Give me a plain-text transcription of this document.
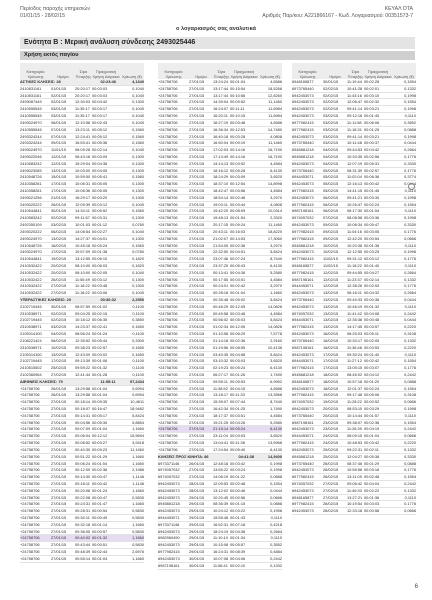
Περίοδος παροχής υπηρεσιών
01/01/15 - 28/02/15
ΚΕΥΑΛ ΟΤΑ
Αριθμός Παρ/κου: Α221866167 - Κωδ. Λογαριασμού: 00351573-7
ο λογαριασμός σας αναλυτικά
Ενότητα Β : Μερική ανάλυση σύνδεσης 2493025446
Χρήση εκτός παγίου
Κατηγορία Χρέωσης	Ημέρα
Ώρα Έναρξης
Πραγματική Χρήση Διάρκεια Χρέωση (€)
ΑΣΤΙΚΕΣ ΚΛΗΣΕΙΣ: 28	02:23:46	4,1340
2410831161	01/01/15	20:20:17 00:03:03	0,1040
2410831161	02/01/15	20:20:17 00:03:03	0,1040
2493087449	02/01/15	12:30:03 00:04:42	0,1300
2410555545	03/01/15	11:35:17 00:03:17	0,1040
2410555545	03/01/15	11:35:17 00:03:17	0,1040
2493024970	06/01/15	12:10:56 00:02:43	0,1040
2410555545	07/01/15	13:23:11 00:05:12	0,1560
2493324244	07/01/15	12:24:41 00:05:12	0,1560
2493324244	09/01/15	16:53:41 00:05:36	0,1560
2493024970	11/01/15	08:09:28 00:02:14	0,1040
2493022046	12/01/15	08:43:16 00:03:09	0,1300
2410583242	12/01/15	19:29:04 00:04:36	0,1300
2493023085	13/01/15	10:03:00 00:04:05	0,1300
2410548726	15/01/15	10:59:50 00:05:41	0,1560
2410358261	17/01/15	10:06:31 00:05:05	0,1300
2410358261	17/01/15	10:06:36 00:05:05	0,1300
2493021256	21/01/15	16:29:17 00:03:20	0,1300
2493020222	26/01/15	12:09:39 00:03:12	0,1040
2410544841	30/01/15	14:34:11 00:05:52	0,1560
2410583242	02/02/15	09:11:57 00:03:31	0,1300
2492350109	03/02/15	10:01:03 00:01:12	0,0780
2493020222	06/02/15	14:08:54 00:02:27	0,1040
2493024970	13/02/15	14:27:37 00:04:01	0,1300
2410548726	16/02/15	10:45:18 00:05:24	0,1560
2493024970	17/02/15	10:57:09 00:01:38	0,0780
2410544841	19/02/15	13:12:55 00:06:10	0,1820
2410532422	20/02/15	08:10:00 00:06:03	0,1820
2410532422	20/02/15	08:10:00 00:02:05	0,1040
2410532422	26/02/15	11:55:49 00:03:12	0,1300
2410532422	27/02/15	11:18:22 00:03:48	0,1300
2410532422	27/02/15	11:18:22 00:03:06	0,1040
ΥΠΕΡΑΣΤΙΚΕΣ ΚΛΗΣΕΙΣ: 20	00:36:32	2,2550
2102719445	30/01/15	08:57:59 00:01:02	0,1100
2310538971	02/02/15	09:04:25 00:02:15	0,1100
2102719445	02/02/15	10:18:12 00:06:35	0,3850
2310538971	03/02/15	14:23:37 00:02:41	0,1650
2105314100	04/02/15	08:56:24 00:01:24	0,1100
2108221424	06/02/15	12:35:52 00:05:44	0,3300
2310538971	10/02/15	09:38:23 00:02:57	0,1650
2105314100	13/02/15	12:43:09 00:03:02	0,1650
2102719445	17/02/15	09:13:39 00:01:06	0,1100
2410515502	25/02/15	09:59:22 00:01:32	0,1100
2102360964	27/02/15	12:41:44 00:01:28	0,1100
ΔΙΕΘΝΕΙΣ ΚΛΗΣΕΙΣ: 79	11:55:11	97,2434
+24758706	26/01/15	13:29:58 00:01:04	0,6994
+24758706	26/01/15	13:29:58 00:01:04	0,6994
+24758706	27/01/15	00:18:14 00:09:35	10,4811
+24758706	27/01/15	00:18:07 00:16:47	18,9482
+24758706	27/01/15	00:14:31 00:05:17	5,8424
+24758706	27/01/15	00:04:56 00:05:30	5,8854
+24758706	27/01/15	00:07:09 00:01:04	1,1660
+24758706	27/01/15	00:06:04 00:12:12	15,5694
+24758706	27/01/15	00:08:52 00:03:27	3,9418
+24758706	27/01/15	00:40:30 00:09:23	11,1460
+24758706	27/01/15	00:51:22 00:01:29	1,1660
+24758706	27/01/15	00:06:24 00:01:04	1,1660
+24758706	27/01/15	00:12:09 00:02:36	2,1986
+24758706	27/01/15	00:14:30 00:00:47	1,1146
+24758706	27/01/15	00:18:11 00:00:42	1,1146
+24758706	27/01/15	00:20:06 00:01:24	1,1660
+24758706	27/01/15	00:22:08 00:00:47	0,5830
+24758706	27/01/15	00:24:31 00:01:47	1,1660
+24758706	27/01/15	00:28:31 00:00:54	0,5830
+24758706	27/01/15	00:30:11 00:00:49	0,5830
+24758706	27/01/15	00:32:18 00:01:14	1,1660
+24758706	27/01/15	00:36:05 00:00:57	0,5830
+24758706	27/01/15	00:40:02 00:01:32	1,1660
+24758706	27/01/15	00:43:44 00:00:51	0,5830
+24758706	27/01/15	00:48:39 00:02:44	2,6976
+24758706	27/01/15	00:55:14 00:01:04	1,1660
Κατηγορία Χρέωσης	Ημέρα
Ώρα Έναρξης
Πραγματική Χρήση Διάρκεια Χρέωση (€)
+24758706	27/01/15	13:24:24 00:01:04	4,6586
+24758706	27/01/15	13:17:44 00:15:54	18,5266
+24758706	27/01/15	13:17:44 00:10:56	12,8260
+24758706	27/01/15	14:39:04 00:09:52	11,1460
+24758706	27/01/15	16:24:07 00:11:11	11,6984
+24758706	27/01/15	16:20:11 00:10:15	11,6984
+24758706	27/01/15	16:27:19 00:03:48	4,6586
+24758706	27/01/15	16:36:34 00:12:53	14,7480
+24758706	27/01/15	16:40:18 00:03:28	4,0808
+24758706	27/01/15	16:50:04 00:09:19	11,1460
+24758706	27/01/15	17:02:03 00:14:16	16,7190
+24758706	27/01/15	17:13:49 00:14:16	16,7190
+24758706	27/01/15	14:14:13 00:03:52	4,4584
+24758706	27/01/15	18:16:12 00:05:28	6,4130
+24758706	27/01/15	18:24:29 00:03:09	3,6520
+24758706	27/01/15	18:37:10 00:12:54	14,8998
+24758706	27/01/15	18:42:47 00:03:56	4,4584
+24758706	27/01/15	18:54:14 00:02:48	3,2970
+24758706	27/01/15	19:03:11 00:03:44	4,0808
+24758706	27/01/15	19:42:20 00:08:09	10,0314
+24758706	27/01/15	19:48:13 00:01:54	2,3320
+24758706	27/01/15	20:17:15 00:09:24	11,1460
+24758706	27/01/15	20:43:11 00:16:03	18,8220
+24758706	27/01/15	21:02:07 00:14:53	17,3060
+24758706	27/01/15	21:54:05 00:02:38	3,2970
+24758706	27/01/15	22:32:50 00:04:51	5,8424
+24758706	27/01/15	23:07:46 00:07:24	8,7440
+24758706	27/01/15	23:37:25 00:05:43	6,4130
+24758706	27/01/15	00:13:41 00:04:36	5,2580
+24758706	27/01/15	00:17:55 00:03:51	4,4584
+24758706	27/01/15	00:24:01 00:02:42	3,2970
+24758706	27/01/15	00:28:18 00:01:04	1,1660
+24758706	27/01/15	00:35:48 00:05:02	5,8424
+24758706	27/01/15	00:46:29 00:12:05	14,0826
+24758706	27/01/15	00:49:58 00:03:48	4,4584
+24758706	27/01/15	00:56:02 00:05:03	5,8424
+24758706	27/01/15	01:02:34 00:12:05	14,0826
+24758706	27/01/15	01:10:58 00:06:29	7,5778
+24758706	27/01/15	01:14:18 00:02:36	2,9160
+24758706	27/01/15	01:19:56 00:08:55	10,4136
+24758706	27/01/15	03:40:35 00:04:58	5,8424
+24758706	27/01/15	03:10:32 00:03:03	3,6520
+24758706	27/01/15	02:19:23 00:05:24	6,4130
+24758706	27/01/15	06:27:17 00:01:26	1,7490
+24758706	27/01/15	09:55:11 00:05:53	6,9952
+24758706	27/01/15	11:38:52 00:04:15	4,6586
+24758706	27/01/15	13:18:17 00:11:33	13,3968
+24758706	27/01/15	15:39:07 00:07:44	8,7440
+24758706	27/01/15	16:42:34 00:01:25	1,7490
+24758706	27/01/15	18:17:37 00:03:51	4,4584
+24758706	27/01/15	19:21:25 00:04:26	5,2580
+24758706	27/01/15	21:15:14 00:05:24	6,4130
+24758706	27/01/15	23:11:04 00:03:03	3,6520
+24758706	27/01/15	13:04:41 00:11:38	13,5968
+24758706	27/01/15	17:24:54 00:05:40	6,4130
ΚΛΗΣΕΙΣ ΠΡΟΣ ΚΙΝΗΤΑ: 86	04:41:38	14,9400
6973371146	26/01/15	12:48:18 00:03:42	0,1998
6974057032	27/01/15	13:55:22 00:03:24	0,1998
6974057032	27/01/15	14:06:19 00:01:22	0,0888
6942453073	28/01/15	12:09:53 00:02:48	0,1554
6942453073	28/01/15	13:12:02 00:00:46	0,0444
6942453073	29/01/15	10:20:45 00:00:56	0,0666
6945881218	29/01/15	08:36:39 00:01:15	0,0888
6942453073	29/01/15	10:24:12 00:03:22	0,1998
6944453071	29/01/15	15:55:48 00:01:43	0,1110
6973371146	29/01/15	16:52:31 00:07:18	0,4218
6942453073	29/01/15	18:24:19 00:04:38	0,2664
6982960490	29/01/15	11:10:10 00:01:34	0,1110
6942453073	29/01/15	10:15:08 00:05:57	0,3552
6977982415	29/01/15	16:24:31 00:08:39	0,4884
6942453073	30/01/15	10:07:08 00:04:06	0,2442
6987198161	30/01/15	11:56:41 00:02:10	0,1332
Κατηγορία Χρέωσης	Ημέρα
Ώρα Έναρξης
Πραγματική Χρήση Διάρκεια Χρέωση (€)
6948165877	30/01/15	11:19:44 00:02:28	0,1554
6973765440	02/02/15	10:41:28 00:02:01	0,1332
6942453073	02/02/15	11:43:16 00:03:10	0,1998
6942453073	02/02/15	12:06:47 00:02:32	0,1554
6942453073	02/02/15	09:41:14 00:03:21	0,1998
6942453073	03/02/15	09:12:16 00:01:40	0,1110
6977982415	03/02/15	11:11:58 00:06:06	0,3552
6977982415	03/02/15	11:18:31 00:01:25	0,0888
6942453073	03/02/15	09:41:14 00:03:21	0,1998
6973765440	03/02/15	10:11:48 00:00:37	0,0444
6945881218	04/02/15	09:44:53 00:04:42	0,2664
6945881218	04/02/15	10:33:35 00:02:56	0,1776
6942453073	04/02/15	12:07:19 00:05:31	0,3330
6973765440	05/02/15	08:31:39 00:02:57	0,1776
6944453071	05/02/15	11:02:04 00:06:36	0,3774
6942453073	05/02/15	12:16:13 00:00:42	0,0444
6977982415	05/02/15	14:41:15 00:01:45	0,1110
6942453073	06/02/15	09:41:21 00:03:30	0,1998
6977982415	06/02/15	10:26:47 00:02:24	0,1554
6987198161	06/02/15	08:17:30 00:01:54	0,1110
6974057032	07/02/15	08:08:58 00:03:36	0,1998
6942453073	09/02/15	10:08:34 00:05:47	0,3330
6977982415	09/02/15	11:04:16 00:03:05	0,1776
6977982415	09/02/15	12:42:20 00:00:54	0,0666
6945881218	10/02/15	10:20:38 00:01:38	0,1110
6942453073	10/02/15	12:12:55 00:03:25	0,1998
6977982415	11/02/15	09:31:12 00:03:12	0,1776
6948165877	11/02/15	11:18:22 00:01:40	0,1110
6977982415	12/02/15	09:44:55 00:04:27	0,2664
6987198161	12/02/15	11:23:37 00:02:14	0,1332
6944453071	12/02/15	12:38:26 00:02:53	0,1776
6942453073	13/02/15	08:16:11 00:04:32	0,2664
6973765440	13/02/15	09:49:33 00:00:36	0,0444
6942453073	13/02/15	10:46:19 00:01:32	0,1110
6974057032	13/02/15	11:41:42 00:04:08	0,2442
6944453071	13/02/15	12:35:36 00:00:48	0,0444
6977982415	13/02/15	14:17:45 00:03:57	0,2220
6942453073	16/02/15	08:25:03 00:05:11	0,3108
6973765440	16/02/15	10:33:17 00:02:05	0,1332
6987198161	16/02/15	11:36:48 00:03:53	0,2220
6942453073	17/02/15	09:30:24 00:01:40	0,1110
6944453071	17/02/15	11:27:12 00:02:42	0,1554
6977982415	17/02/15	13:05:15 00:03:07	0,1776
6945881218	18/02/15	08:45:02 00:04:12	0,2442
6948165877	18/02/15	10:57:18 00:01:20	0,0888
6942453073	18/02/15	12:01:37 00:02:24	0,1554
6977982415	19/02/15	09:17:48 00:05:06	0,3108
6974057032	19/02/15	11:28:22 00:00:52	0,0666
6942453073	20/02/15	08:53:10 00:03:29	0,1998
6973765440	20/02/15	10:14:44 00:01:57	0,1110
6987198161	23/02/15	09:38:07 00:02:36	0,1554
6942453073	23/02/15	11:26:39 00:04:19	0,2442
6944453071	24/02/15	08:09:15 00:01:04	0,0666
6977982415	24/02/15	10:48:53 00:03:42	0,2220
6942453073	25/02/15	09:22:31 00:02:11	0,1332
6945881218	25/02/15	12:04:27 00:05:38	0,3330
6973765440	26/02/15	08:37:46 00:01:29	0,0888
6942453073	26/02/15	10:55:58 00:03:16	0,1776
6977982415	26/02/15	13:11:09 00:02:48	0,1554
6974057032	27/02/15	09:06:42 00:04:04	0,2442
6942453073	27/02/15	11:49:33 00:02:22	0,1332
6948165877	27/02/15	13:27:21 00:01:36	0,1110
6977982415	28/02/15	10:19:54 00:03:03	0,1776
6942453073	28/02/15	12:33:18 00:00:58	0,0666
6
